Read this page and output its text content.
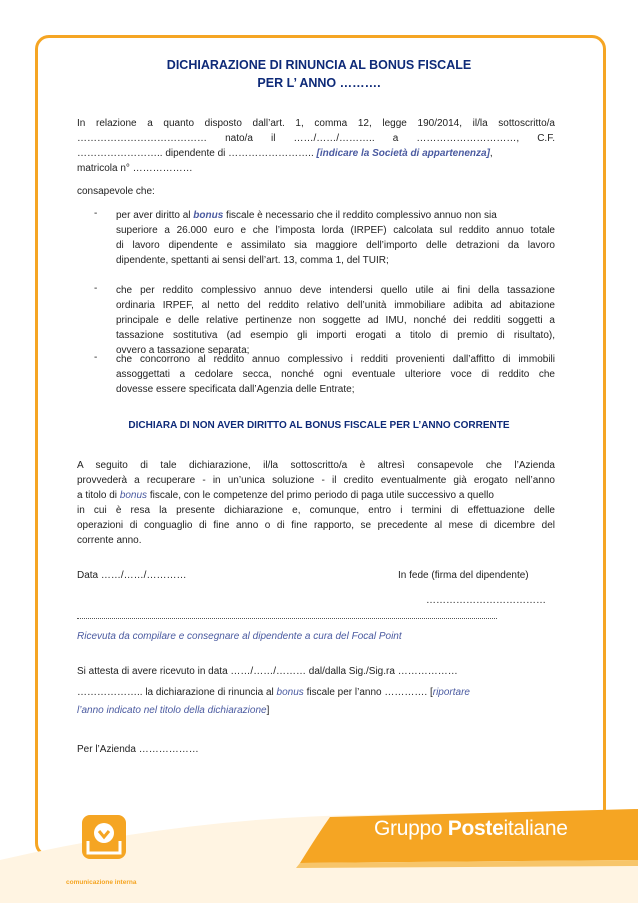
DICHIARAZIONE DI RINUNCIA AL BONUS FISCALE
PER L’ ANNO ……….
In relazione a quanto disposto dall’art. 1, comma 12, legge 190/2014, il/la sottoscritto/a
………………………………… nato/a il ……/……/……….. a …………………………, C.F.
…………………….. dipendente di …………………….. [indicare la Società di appartenenza],
matricola n° ………………
consapevole che:
- per aver diritto al bonus fiscale è necessario che il reddito complessivo annuo non sia
superiore a 26.000 euro e che l’imposta lorda (IRPEF) calcolata sul reddito annuo totale
di lavoro dipendente e assimilato sia maggiore dell’importo delle detrazioni da lavoro
dipendente, spettanti ai sensi dell’art. 13, comma 1, del TUIR;
- che per reddito complessivo annuo deve intendersi quello utile ai fini della tassazione
ordinaria IRPEF, al netto del reddito relativo dell’unità immobiliare adibita ad abitazione
principale e delle relative pertinenze non soggette ad IMU, nonché dei redditi soggetti a
tassazione sostitutiva (ad esempio gli importi erogati a titolo di premio di risultato),
ovvero a tassazione separata;
- che concorrono al reddito annuo complessivo i redditi provenienti dall’affitto di immobili
assoggettati a cedolare secca, nonché ogni eventuale ulteriore voce di reddito che
dovesse essere specificata dall’Agenzia delle Entrate;
DICHIARA DI NON AVER DIRITTO AL BONUS FISCALE PER L’ANNO CORRENTE
A seguito di tale dichiarazione, il/la sottoscritto/a è altresì consapevole che l’Azienda
provvederà a recuperare - in un’unica soluzione - il credito eventualmente già erogato nell’anno
a titolo di bonus fiscale, con le competenze del primo periodo di paga utile successivo a quello
in cui è resa la presente dichiarazione e, comunque, entro i termini di effettuazione delle
operazioni di conguaglio di fine anno o di fine rapporto, se precedente al mese di dicembre del
corrente anno.
Data ……/……/…………	In fede (firma del dipendente)
………………………………
Ricevuta da compilare e consegnare al dipendente a cura del Focal Point
Si attesta di avere ricevuto in data ……/……/……… dal/dalla Sig./Sig.ra ………………
……………….. la dichiarazione di rinuncia al bonus fiscale per l’anno …………. [riportare
l’anno indicato nel titolo della dichiarazione]
Per l’Azienda ………………
comunicazione interna
Gruppo Posteitaliane
